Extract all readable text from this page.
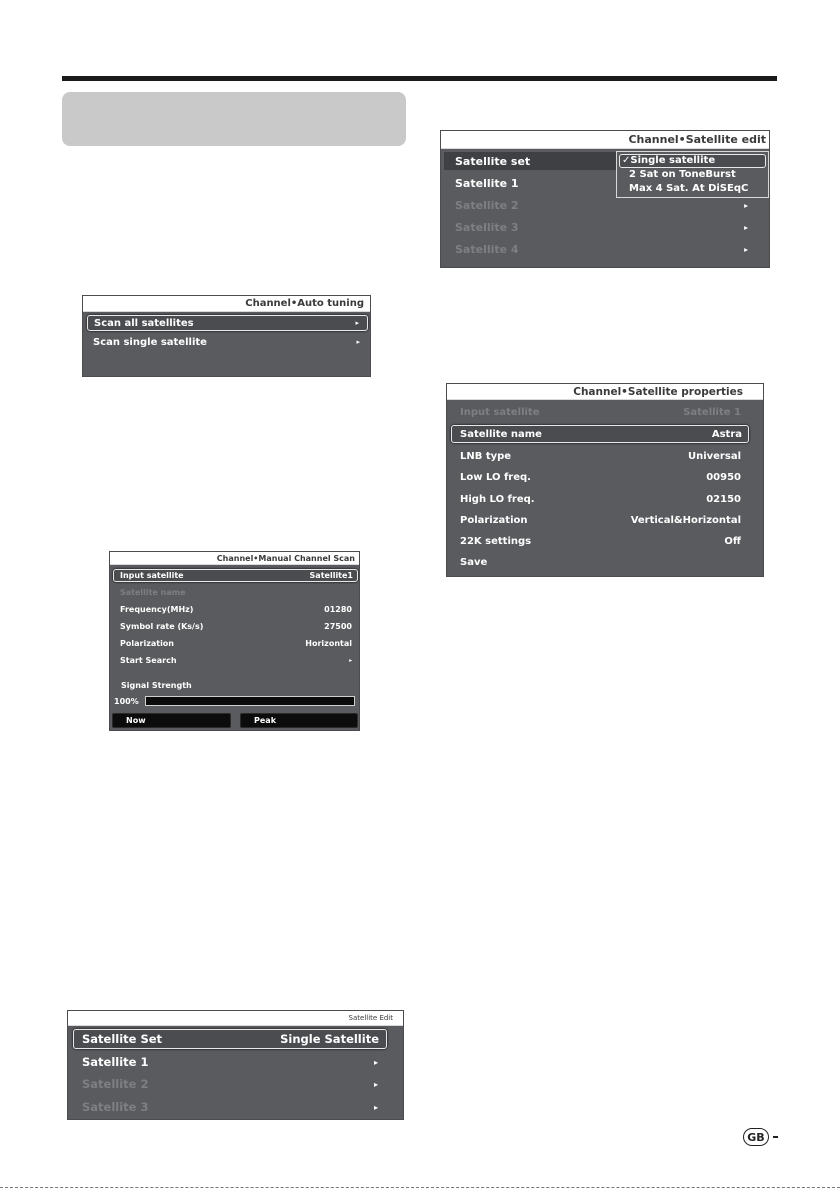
Channel•Auto tuning
Scan all satellites	▸
Scan single satellite	▸
Channel•Manual Channel Scan
Input satellite	Satellite1
Satellite name
Frequency(MHz)	01280
Symbol rate (Ks/s)	27500
Polarization	Horizontal
Start Search	▸
Signal Strength
100%
Now	Peak
Channel•Satellite edit
Satellite set
Satellite 1
Satellite 2	▸
Satellite 3	▸
Satellite 4	▸
✓Single satellite
2 Sat on ToneBurst
Max 4 Sat. At DiSEqC
Channel•Satellite properties
Input satellite	Satellite 1
Satellite name	Astra
LNB type	Universal
Low LO freq.	00950
High LO freq.	02150
Polarization	Vertical&Horizontal
22K settings	Off
Save
Satellite Edit
Satellite Set	Single Satellite
Satellite 1	▸
Satellite 2	▸
Satellite 3	▸
GB
